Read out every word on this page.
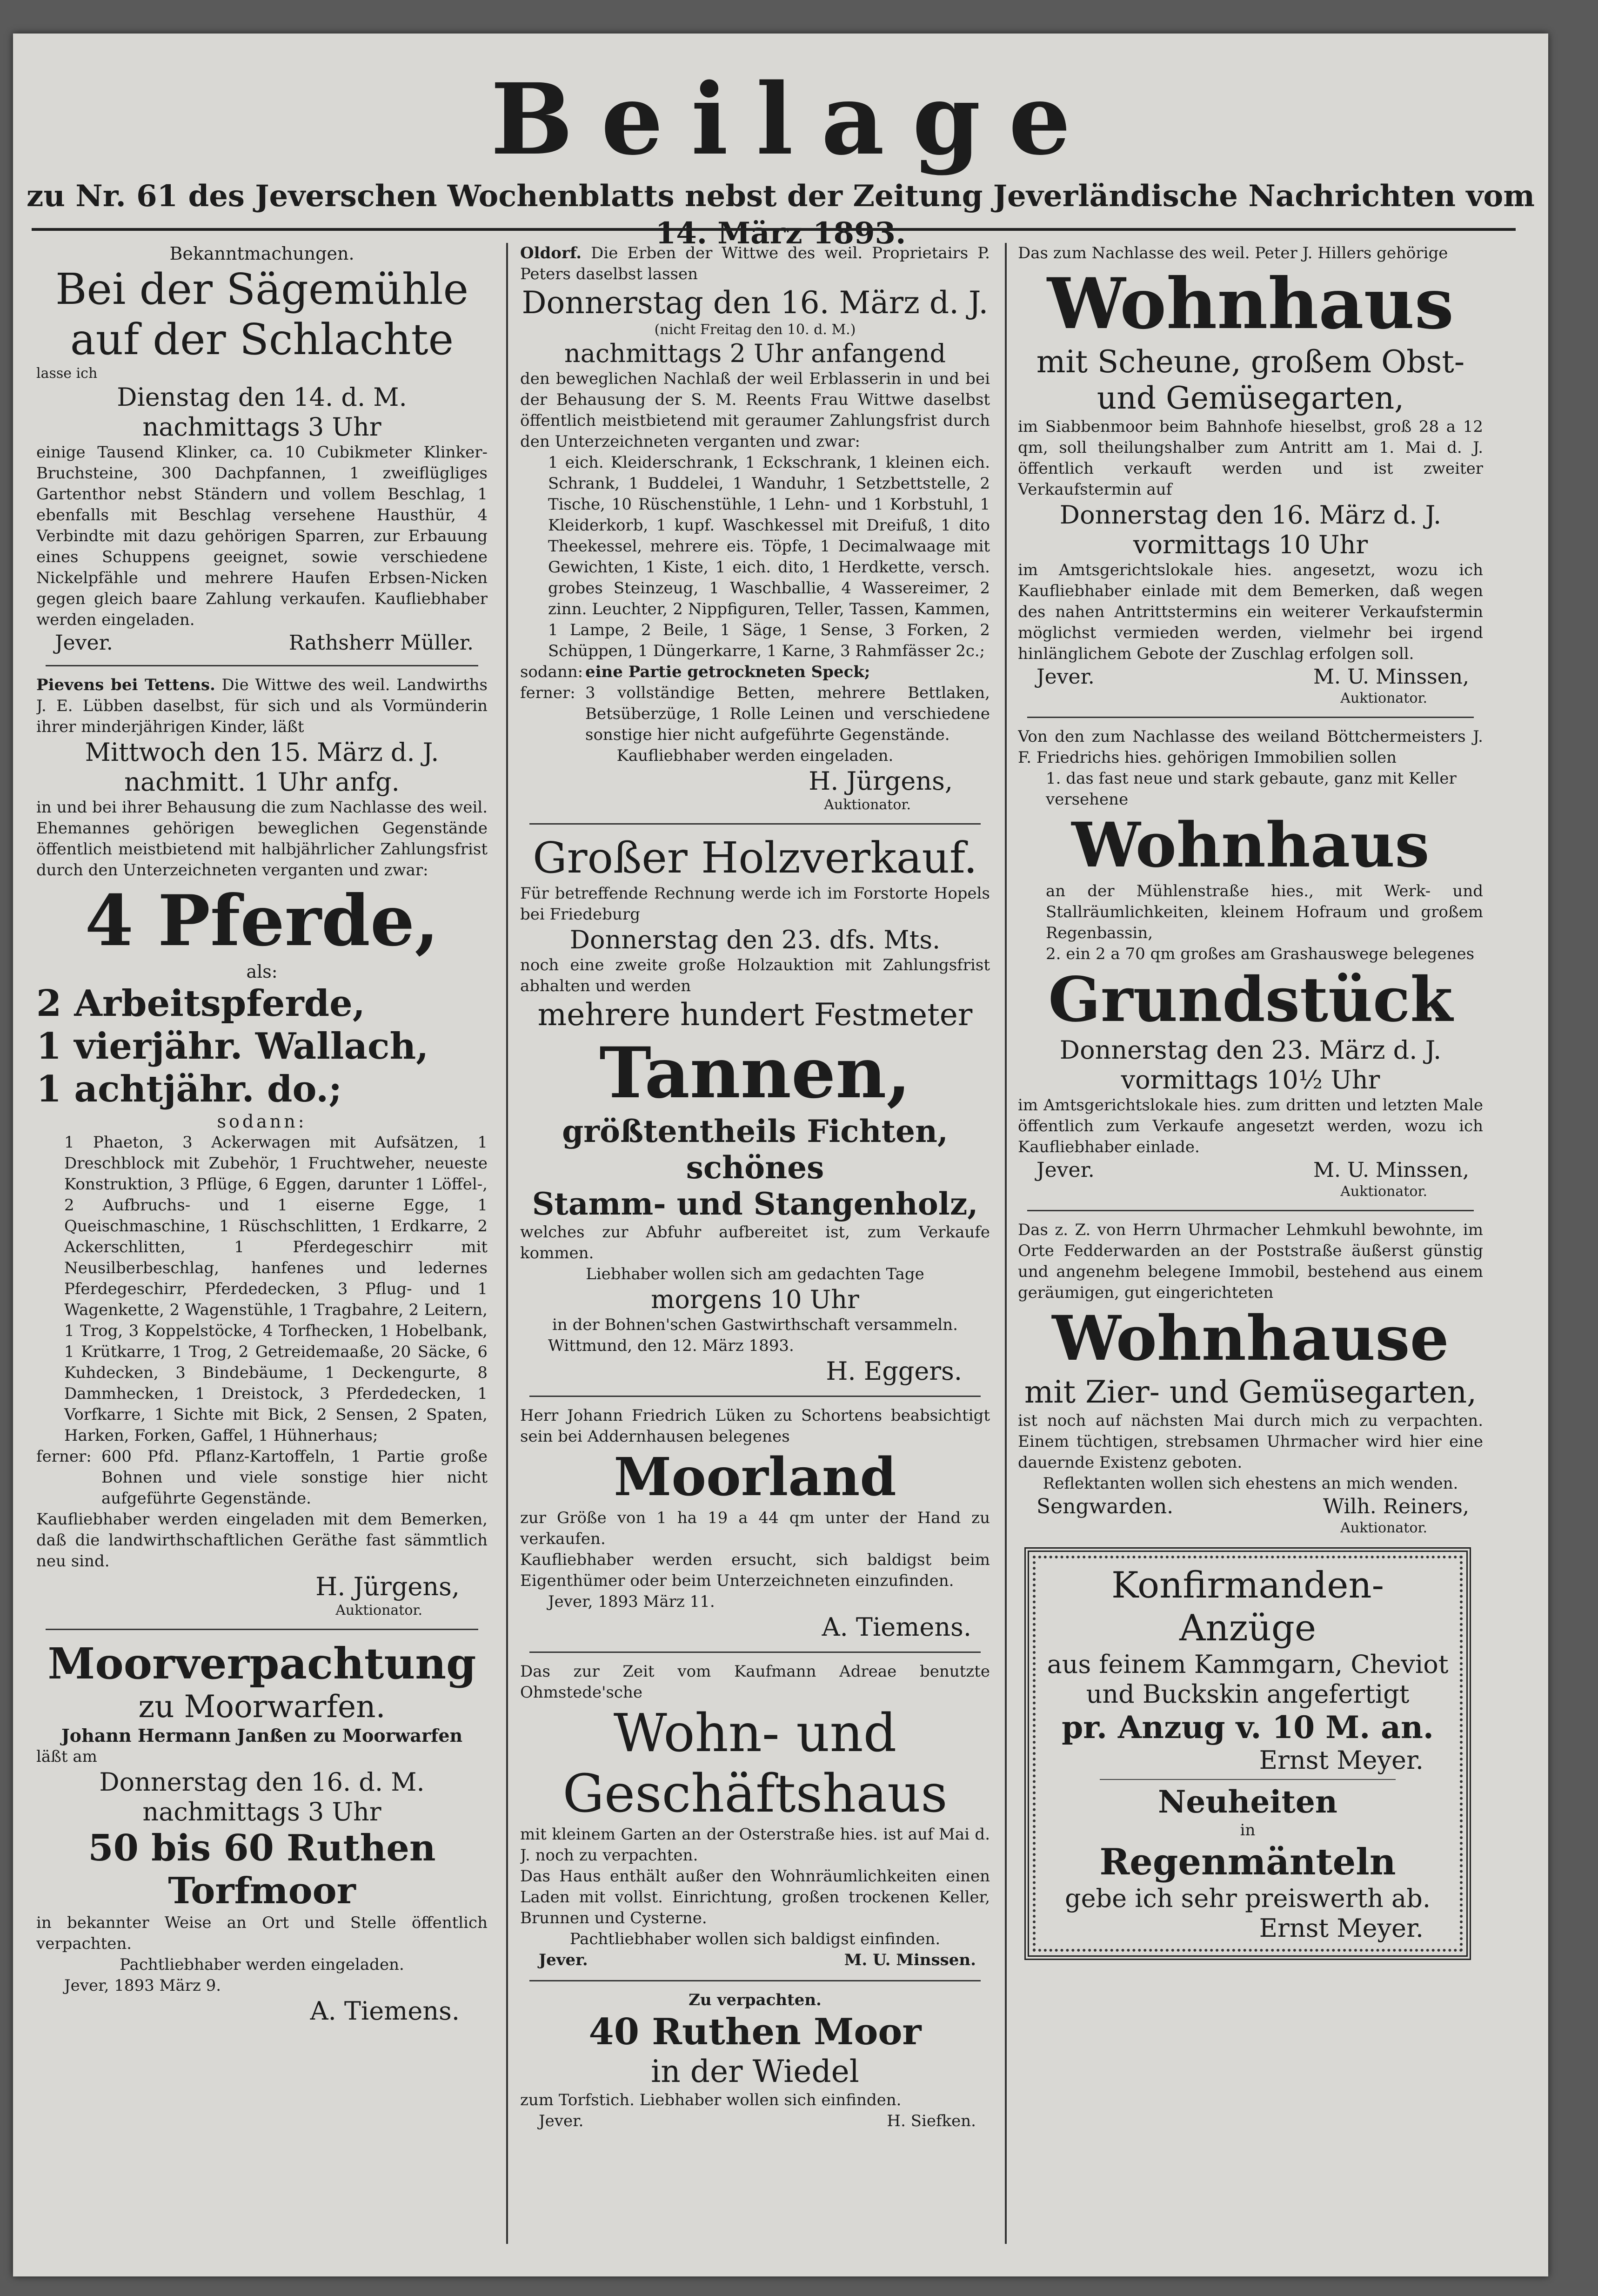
Beilage
zu Nr. 61 des Jeverschen Wochenblatts nebst der Zeitung Jeverländische Nachrichten vom 14. März 1893.
Bekanntmachungen.
Bei der Sägemühle
auf der Schlachte
lasse ich
Dienstag den 14. d. M.
nachmittags 3 Uhr
einige Tausend Klinker, ca. 10 Cubikmeter Klinker-Bruchsteine, 300 Dachpfannen, 1 zweiflügliges Gartenthor nebst Ständern und vollem Beschlag, 1 ebenfalls mit Beschlag versehene Hausthür, 4 Verbindte mit dazu gehörigen Sparren, zur Erbauung eines Schuppens geeignet, sowie verschiedene Nickelpfähle und mehrere Haufen Erbsen-Nicken gegen gleich baare Zahlung verkaufen. Kaufliebhaber werden eingeladen.
Jever.	Rathsherr Müller.
Pievens bei Tettens. Die Wittwe des weil. Landwirths J. E. Lübben daselbst, für sich und als Vormünderin ihrer minderjährigen Kinder, läßt
Mittwoch den 15. März d. J.
nachmitt. 1 Uhr anfg.
in und bei ihrer Behausung die zum Nachlasse des weil. Ehemannes gehörigen beweglichen Gegenstände öffentlich meistbietend mit halbjährlicher Zahlungsfrist durch den Unterzeichneten verganten und zwar:
4 Pferde,
als:
2 Arbeitspferde,
1 vierjähr. Wallach,
1 achtjähr. do.;
sodann:
1 Phaeton, 3 Ackerwagen mit Aufsätzen, 1 Dreschblock mit Zubehör, 1 Fruchtweher, neueste Konstruktion, 3 Pflüge, 6 Eggen, darunter 1 Löffel-, 2 Aufbruchs- und 1 eiserne Egge, 1 Queischmaschine, 1 Rüschschlitten, 1 Erdkarre, 2 Ackerschlitten, 1 Pferdegeschirr mit Neusilberbeschlag, hanfenes und ledernes Pferdegeschirr, Pferdedecken, 3 Pflug- und 1 Wagenkette, 2 Wagenstühle, 1 Tragbahre, 2 Leitern, 1 Trog, 3 Koppelstöcke, 4 Torfhecken, 1 Hobelbank, 1 Krütkarre, 1 Trog, 2 Getreidemaaße, 20 Säcke, 6 Kuhdecken, 3 Bindebäume, 1 Deckengurte, 8 Dammhecken, 1 Dreistock, 3 Pferdedecken, 1 Vorfkarre, 1 Sichte mit Bick, 2 Sensen, 2 Spaten, Harken, Forken, Gaffel, 1 Hühnerhaus;
ferner: 600 Pfd. Pflanz-Kartoffeln, 1 Partie große Bohnen und viele sonstige hier nicht aufgeführte Gegenstände.
Kaufliebhaber werden eingeladen mit dem Bemerken, daß die landwirthschaftlichen Geräthe fast sämmtlich neu sind.
H. Jürgens,
Auktionator.
Moorverpachtung
zu Moorwarfen.
Johann Hermann Janßen zu Moorwarfen
läßt am
Donnerstag den 16. d. M.
nachmittags 3 Uhr
50 bis 60 Ruthen
Torfmoor
in bekannter Weise an Ort und Stelle öffentlich verpachten.
Pachtliebhaber werden eingeladen.
Jever, 1893 März 9.
A. Tiemens.
Oldorf. Die Erben der Wittwe des weil. Proprietairs P. Peters daselbst lassen
Donnerstag den 16. März d. J.
(nicht Freitag den 10. d. M.)
nachmittags 2 Uhr anfangend
den beweglichen Nachlaß der weil Erblasserin in und bei der Behausung der S. M. Reents Frau Wittwe daselbst öffentlich meistbietend mit geraumer Zahlungsfrist durch den Unterzeichneten verganten und zwar:
1 eich. Kleiderschrank, 1 Eckschrank, 1 kleinen eich. Schrank, 1 Buddelei, 1 Wanduhr, 1 Setzbettstelle, 2 Tische, 10 Rüschenstühle, 1 Lehn- und 1 Korbstuhl, 1 Kleiderkorb, 1 kupf. Waschkessel mit Dreifuß, 1 dito Theekessel, mehrere eis. Töpfe, 1 Decimalwaage mit Gewichten, 1 Kiste, 1 eich. dito, 1 Herdkette, versch. grobes Steinzeug, 1 Waschballie, 4 Wassereimer, 2 zinn. Leuchter, 2 Nippfiguren, Teller, Tassen, Kammen, 1 Lampe, 2 Beile, 1 Säge, 1 Sense, 3 Forken, 2 Schüppen, 1 Düngerkarre, 1 Karne, 3 Rahmfässer 2c.;
sodann: eine Partie getrockneten Speck;
ferner: 3 vollständige Betten, mehrere Bettlaken, Betsüberzüge, 1 Rolle Leinen und verschiedene sonstige hier nicht aufgeführte Gegenstände.
Kaufliebhaber werden eingeladen.
H. Jürgens,
Auktionator.
Großer Holzverkauf.
Für betreffende Rechnung werde ich im Forstorte Hopels bei Friedeburg
Donnerstag den 23. dfs. Mts.
noch eine zweite große Holzauktion mit Zahlungsfrist abhalten und werden
mehrere hundert Festmeter
Tannen,
größtentheils Fichten, schönes
Stamm- und Stangenholz,
welches zur Abfuhr aufbereitet ist, zum Verkaufe kommen.
Liebhaber wollen sich am gedachten Tage
morgens 10 Uhr
in der Bohnen'schen Gastwirthschaft versammeln.
Wittmund, den 12. März 1893.
H. Eggers.
Herr Johann Friedrich Lüken zu Schortens beabsichtigt sein bei Addernhausen belegenes
Moorland
zur Größe von 1 ha 19 a 44 qm unter der Hand zu verkaufen.
Kaufliebhaber werden ersucht, sich baldigst beim Eigenthümer oder beim Unterzeichneten einzufinden.
Jever, 1893 März 11.
A. Tiemens.
Das zur Zeit vom Kaufmann Adreae benutzte Ohmstede'sche
Wohn- und
Geschäftshaus
mit kleinem Garten an der Osterstraße hies. ist auf Mai d. J. noch zu verpachten.
Das Haus enthält außer den Wohnräumlichkeiten einen Laden mit vollst. Einrichtung, großen trockenen Keller, Brunnen und Cysterne.
Pachtliebhaber wollen sich baldigst einfinden.
Jever.	M. U. Minssen.
Zu verpachten.
40 Ruthen Moor
in der Wiedel
zum Torfstich. Liebhaber wollen sich einfinden.
Jever.	H. Siefken.
Das zum Nachlasse des weil. Peter J. Hillers gehörige
Wohnhaus
mit Scheune, großem Obst-
und Gemüsegarten,
im Siabbenmoor beim Bahnhofe hieselbst, groß 28 a 12 qm, soll theilungshalber zum Antritt am 1. Mai d. J. öffentlich verkauft werden und ist zweiter Verkaufstermin auf
Donnerstag den 16. März d. J.
vormittags 10 Uhr
im Amtsgerichtslokale hies. angesetzt, wozu ich Kaufliebhaber einlade mit dem Bemerken, daß wegen des nahen Antrittstermins ein weiterer Verkaufstermin möglichst vermieden werden, vielmehr bei irgend hinlänglichem Gebote der Zuschlag erfolgen soll.
Jever.	M. U. Minssen,
Auktionator.
Von den zum Nachlasse des weiland Böttchermeisters J. F. Friedrichs hies. gehörigen Immobilien sollen
1. das fast neue und stark gebaute, ganz mit Keller versehene
Wohnhaus
an der Mühlenstraße hies., mit Werk- und Stallräumlichkeiten, kleinem Hofraum und großem Regenbassin,
2. ein 2 a 70 qm großes am Grashauswege belegenes
Grundstück
Donnerstag den 23. März d. J.
vormittags 10½ Uhr
im Amtsgerichtslokale hies. zum dritten und letzten Male öffentlich zum Verkaufe angesetzt werden, wozu ich Kaufliebhaber einlade.
Jever.	M. U. Minssen,
Auktionator.
Das z. Z. von Herrn Uhrmacher Lehmkuhl bewohnte, im Orte Fedderwarden an der Poststraße äußerst günstig und angenehm belegene Immobil, bestehend aus einem geräumigen, gut eingerichteten
Wohnhause
mit Zier- und Gemüsegarten,
ist noch auf nächsten Mai durch mich zu verpachten. Einem tüchtigen, strebsamen Uhrmacher wird hier eine dauernde Existenz geboten.
Reflektanten wollen sich ehestens an mich wenden.
Sengwarden.	Wilh. Reiners,
Auktionator.
Konfirmanden-Anzüge
aus feinem Kammgarn, Cheviot
und Buckskin angefertigt
pr. Anzug v. 10 M. an.
Ernst Meyer.
Neuheiten
in
Regenmänteln
gebe ich sehr preiswerth ab.
Ernst Meyer.
